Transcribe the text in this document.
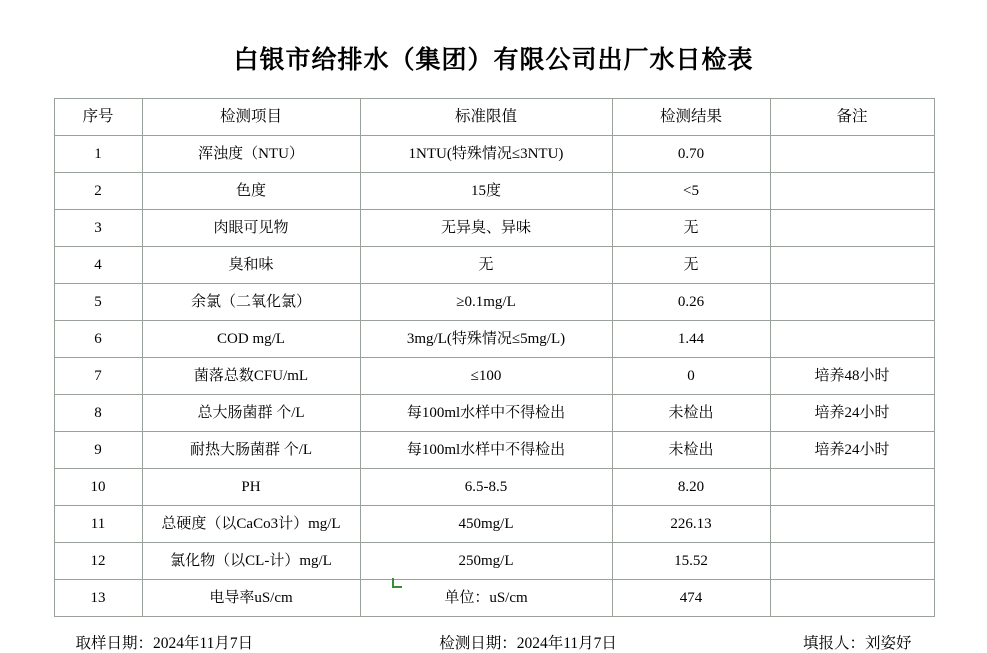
白银市给排水（集团）有限公司出厂水日检表
序号	检测项目	标准限值	检测结果	备注
1	浑浊度（NTU）	1NTU(特殊情况≤3NTU)	0.70	
2	色度	15度	<5	
3	肉眼可见物	无异臭、异味	无	
4	臭和味	无	无	
5	余氯（二氧化氯）	≥0.1mg/L	0.26	
6	COD mg/L	3mg/L(特殊情况≤5mg/L)	1.44	
7	菌落总数CFU/mL	≤100	0	培养48小时
8	总大肠菌群 个/L	每100ml水样中不得检出	未检出	培养24小时
9	耐热大肠菌群 个/L	每100ml水样中不得检出	未检出	培养24小时
10	PH	6.5-8.5	8.20	
11	总硬度（以CaCo3计）mg/L	450mg/L	226.13	
12	氯化物（以CL-计）mg/L	250mg/L	15.52	
13	电导率uS/cm	单位：uS/cm	474	
取样日期：2024年11月7日	检测日期：2024年11月7日	填报人：刘姿妤
